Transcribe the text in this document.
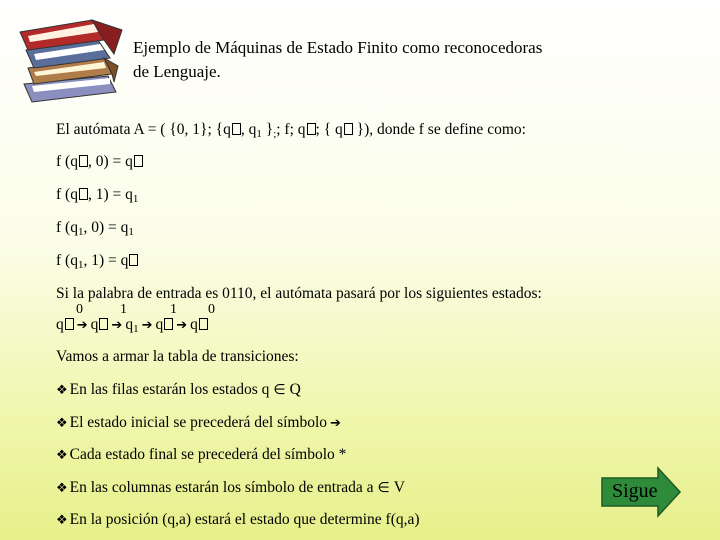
Ejemplo de Máquinas de Estado Finito como reconocedoras
de Lenguaje.
El autómata A = ( {0, 1}; {q , $q_1$ }$_;$; f; q ; { q }), donde f se define como:
f (q , 0) = q
f (q , $1) = q_1$
f ($q_1$, $0) = q_1$
f ($q_1$, 1) = q
Si la palabra de entrada es 0110, el autómata pasará por los siguientes estados:
0	1	1 0
q ➔ q ➔ $q_1$ ➔ q ➔ q
Vamos a armar la tabla de transiciones:
❖ En las filas estarán los estados q ∈ Q
❖ El estado inicial se precederá del símbolo ➔
❖ Cada estado final se precederá del símbolo *
❖ En las columnas estarán los símbolo de entrada a ∈ V
❖ En la posición (q,a) estará el estado que determine f(q,a)
Sigue
